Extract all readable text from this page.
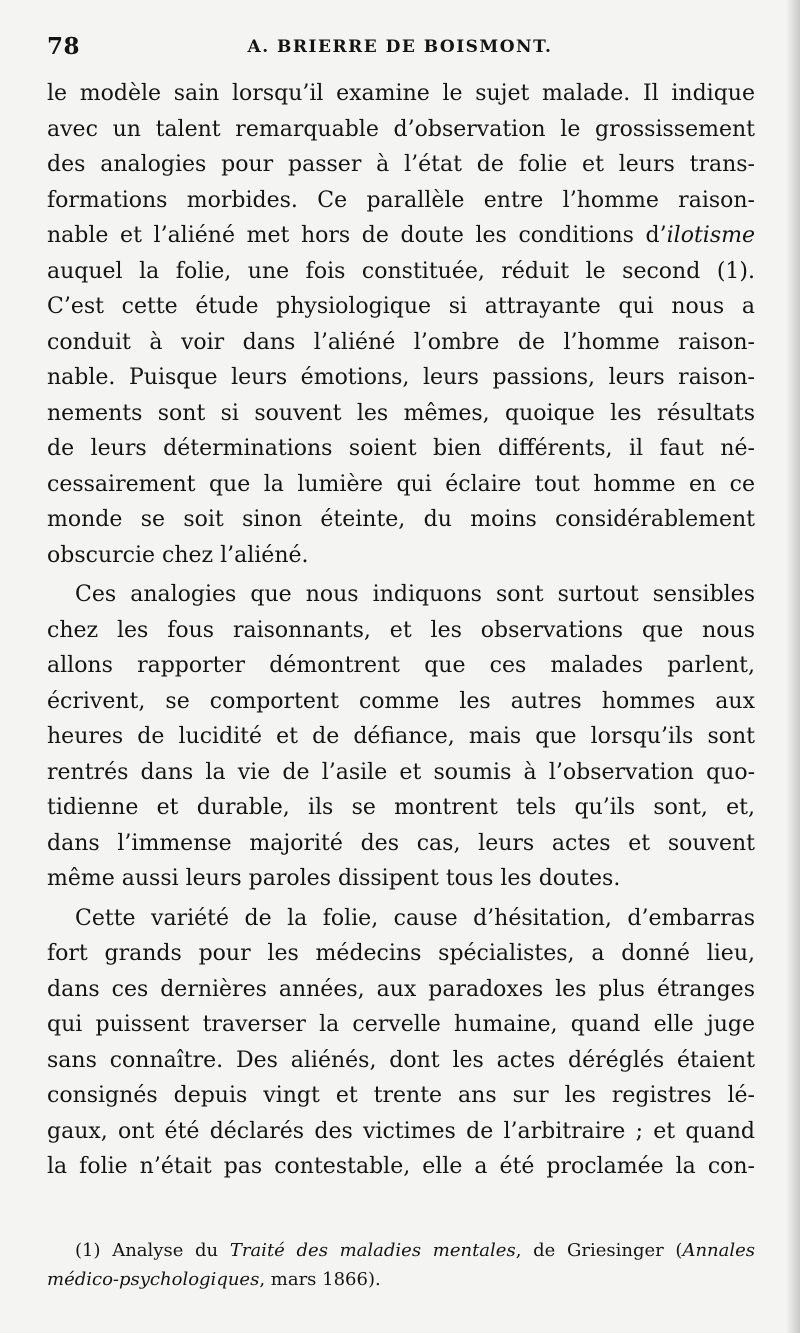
78	A. BRIERRE DE BOISMONT.
le modèle sain lorsqu’il examine le sujet malade. Il indique
avec un talent remarquable d’observation le grossissement
des analogies pour passer à l’état de folie et leurs trans-
formations morbides. Ce parallèle entre l’homme raison-
nable et l’aliéné met hors de doute les conditions d’ilotisme
auquel la folie, une fois constituée, réduit le second (1).
C’est cette étude physiologique si attrayante qui nous a
conduit à voir dans l’aliéné l’ombre de l’homme raison-
nable. Puisque leurs émotions, leurs passions, leurs raison-
nements sont si souvent les mêmes, quoique les résultats
de leurs déterminations soient bien différents, il faut né-
cessairement que la lumière qui éclaire tout homme en ce
monde se soit sinon éteinte, du moins considérablement
obscurcie chez l’aliéné.
Ces analogies que nous indiquons sont surtout sensibles
chez les fous raisonnants, et les observations que nous
allons rapporter démontrent que ces malades parlent,
écrivent, se comportent comme les autres hommes aux
heures de lucidité et de défiance, mais que lorsqu’ils sont
rentrés dans la vie de l’asile et soumis à l’observation quo-
tidienne et durable, ils se montrent tels qu’ils sont, et,
dans l’immense majorité des cas, leurs actes et souvent
même aussi leurs paroles dissipent tous les doutes.
Cette variété de la folie, cause d’hésitation, d’embarras
fort grands pour les médecins spécialistes, a donné lieu,
dans ces dernières années, aux paradoxes les plus étranges
qui puissent traverser la cervelle humaine, quand elle juge
sans connaître. Des aliénés, dont les actes déréglés étaient
consignés depuis vingt et trente ans sur les registres lé-
gaux, ont été déclarés des victimes de l’arbitraire ; et quand
la folie n’était pas contestable, elle a été proclamée la con-
(1) Analyse du Traité des maladies mentales, de Griesinger (Annales
médico-psychologiques, mars 1866).
